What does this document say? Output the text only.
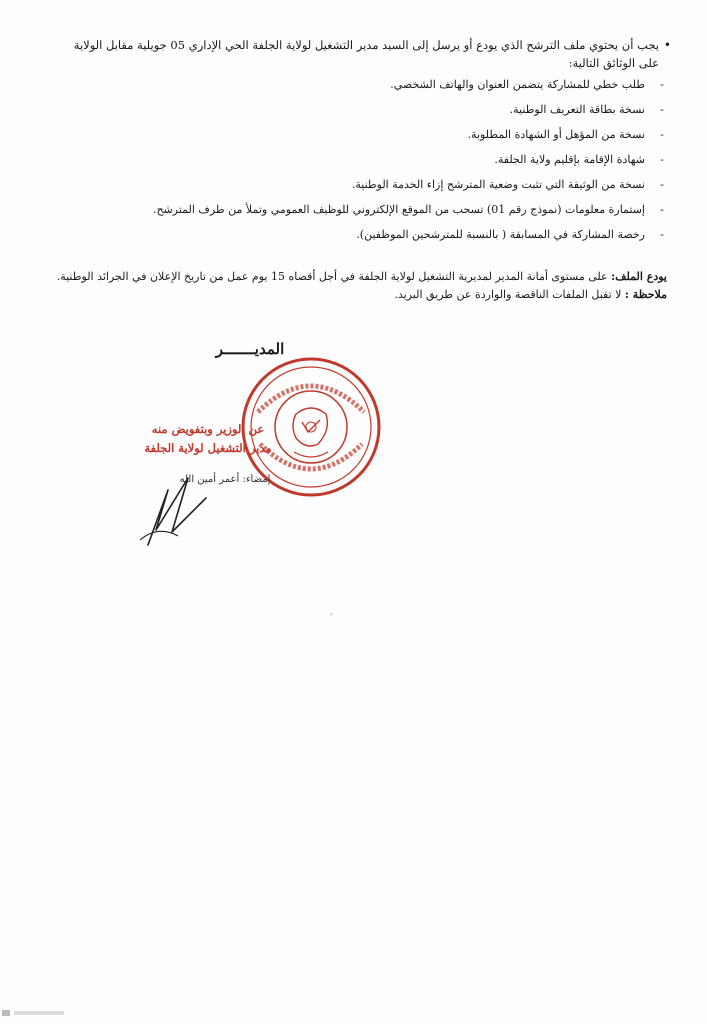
•
يجب أن يحتوي ملف الترشح الذي يودع أو يرسل إلى السيد مدير التشغيل لولاية الجلفة الحي الإداري 05 جويلية مقابل الولاية على الوثائق التالية:
-
طلب خطي للمشاركة يتضمن العنوان والهاتف الشخصي.
-
نسخة بطاقة التعريف الوطنية.
-
نسخة من المؤهل أو الشهادة المطلوبة.
-
شهادة الإقامة بإقليم ولاية الجلفة.
-
نسخة من الوثيقة التي تثبت وضعية المترشح إزاء الخدمة الوطنية.
-
إستمارة معلومات (نموذج رقم 01) تسحب من الموقع الإلكتروني للوظيف العمومي وتملأ من طرف المترشح.
-
رخصة المشاركة في المسابقة ( بالنسبة للمترشحين الموظفين).
يودع الملف: على مستوى أمانة المدير لمديرية التشغيل لولاية الجلفة في أجل أقصاه 15 يوم عمل من تاريخ الإعلان في الجرائد الوطنية.
ملاحظة : لا تقبل الملفات الناقصة والواردة عن طريق البريد.
المديـــــــر
عن الوزير وبتفويض منه
مدير التشغيل لولاية الجلفة
إمضاء: أعمر أمين الله
'
